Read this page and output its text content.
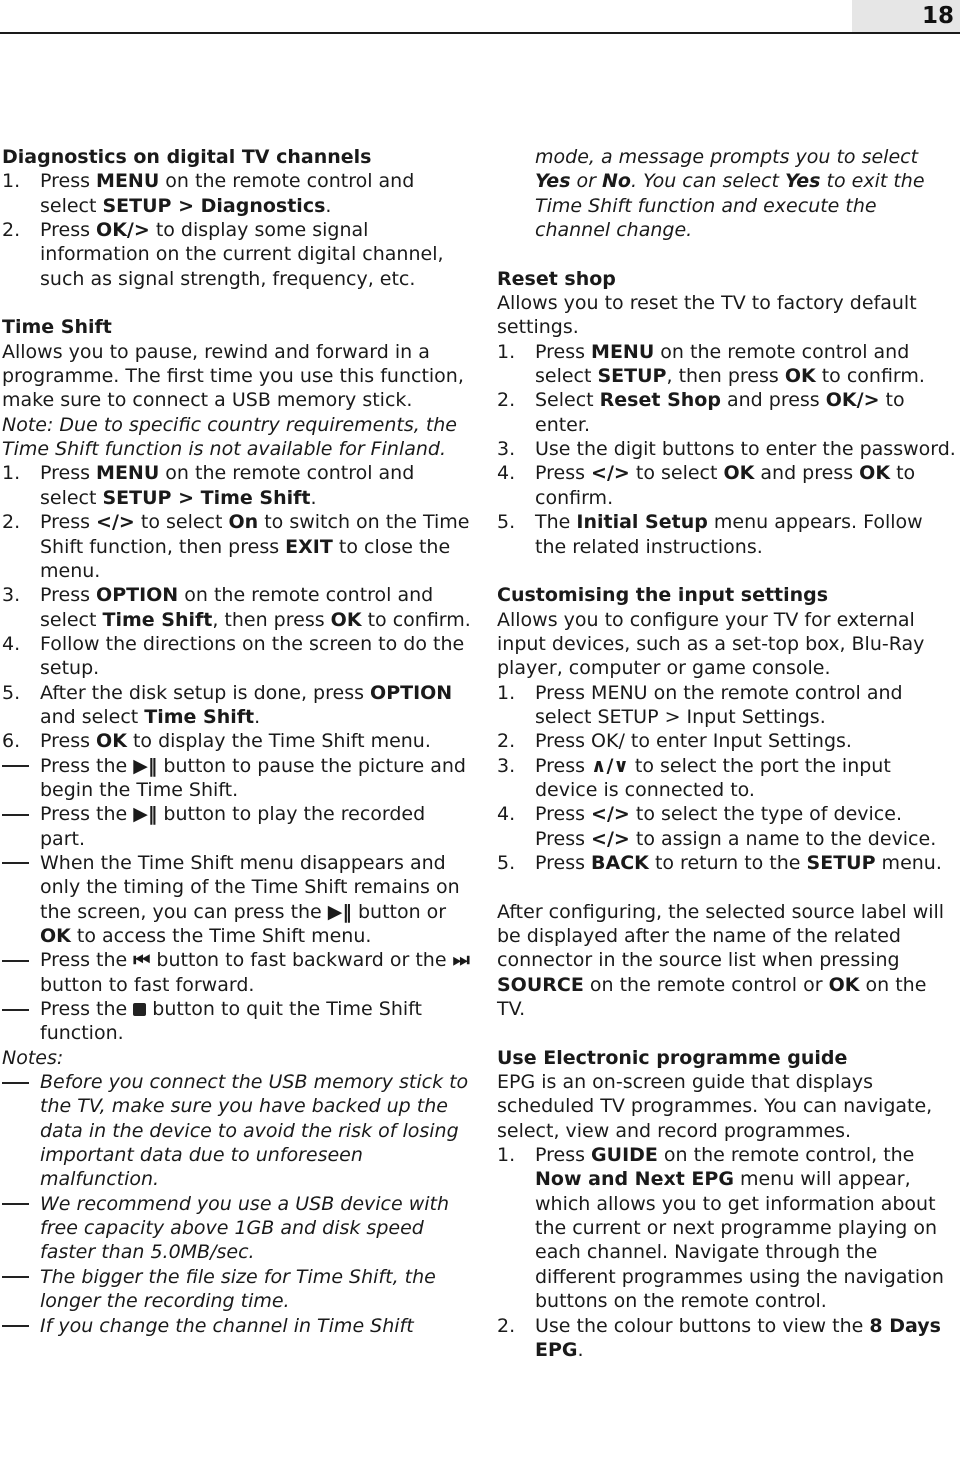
18

Diagnostics on digital TV channels

1. Press MENU on the remote control and select SETUP > Diagnostics.
2. Press OK/> to display some signal information on the current digital channel, such as signal strength, frequency, etc.

Time Shift

Allows you to pause, rewind and forward in a programme. The first time you use this function, make sure to connect a USB memory stick.

Note: Due to specific country requirements, the Time Shift function is not available for Finland.

1. Press MENU on the remote control and select SETUP > Time Shift.
2. Press </> to select On to switch on the Time Shift function, then press EXIT to close the menu.
3. Press OPTION on the remote control and select Time Shift, then press OK to confirm.
4. Follow the directions on the screen to do the setup.
5. After the disk setup is done, press OPTION and select Time Shift.
6. Press OK to display the Time Shift menu.
Press the ▶‖ button to pause the picture and begin the Time Shift.
Press the ▶‖ button to play the recorded part.
When the Time Shift menu disappears and only the timing of the Time Shift remains on the screen, you can press the ▶‖ button or OK to access the Time Shift menu.
Press the ⏮ button to fast backward or the ⏭ button to fast forward.
Press the  button to quit the Time Shift function.

Notes:

Before you connect the USB memory stick to the TV, make sure you have backed up the data in the device to avoid the risk of losing important data due to unforeseen malfunction.
We recommend you use a USB device with free capacity above 1GB and disk speed faster than 5.0MB/sec.
The bigger the file size for Time Shift, the longer the recording time.
If you change the channel in Time Shift
mode, a message prompts you to select Yes or No. You can select Yes to exit the Time Shift function and execute the channel change.

Reset shop

Allows you to reset the TV to factory default settings.

1. Press MENU on the remote control and select SETUP, then press OK to confirm.
2. Select Reset Shop and press OK/> to enter.
3. Use the digit buttons to enter the password.
4. Press </> to select OK and press OK to confirm.
5. The Initial Setup menu appears. Follow the related instructions.

Customising the input settings

Allows you to configure your TV for external input devices, such as a set-top box, Blu-Ray player, computer or game console.

1. Press MENU on the remote control and select SETUP > Input Settings.
2. Press OK/ to enter Input Settings.
3. Press ∧/∨ to select the port the input device is connected to.
4. Press </> to select the type of device. Press </> to assign a name to the device.
5. Press BACK to return to the SETUP menu.

After configuring, the selected source label will be displayed after the name of the related connector in the source list when pressing SOURCE on the remote control or OK on the TV.

Use Electronic programme guide

EPG is an on-screen guide that displays scheduled TV programmes. You can navigate, select, view and record programmes.

1. Press GUIDE on the remote control, the Now and Next EPG menu will appear, which allows you to get information about the current or next programme playing on each channel. Navigate through the different programmes using the navigation buttons on the remote control.
2. Use the colour buttons to view the 8 Days EPG.
